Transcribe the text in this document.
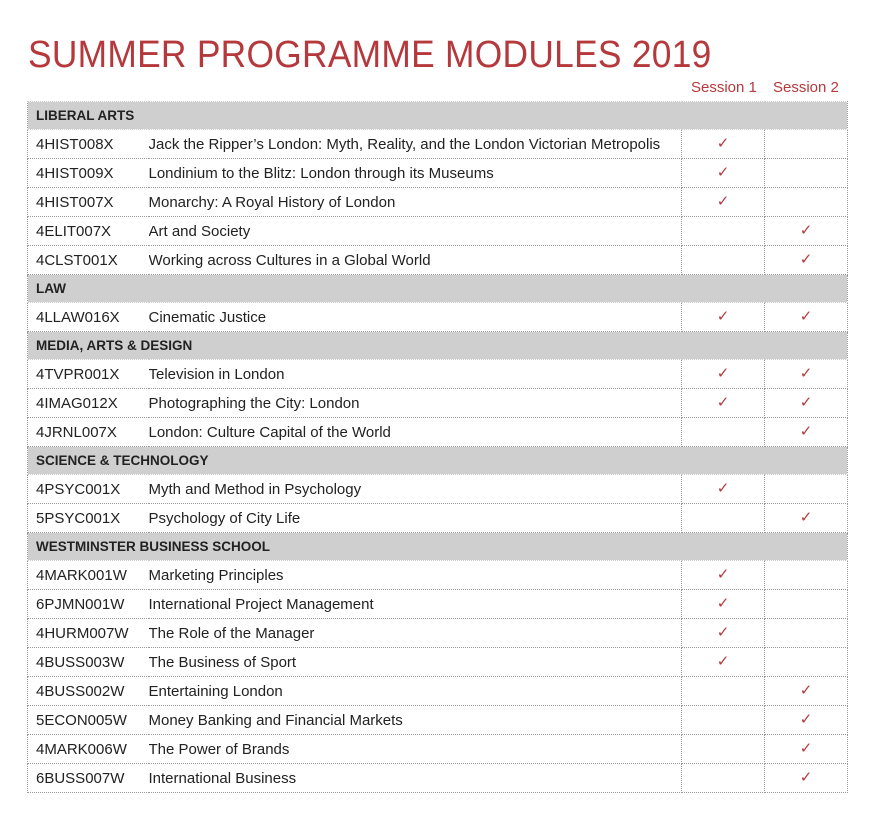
SUMMER PROGRAMME MODULES 2019
Session 1 Session 2
LIBERAL ARTS			
4HIST008X	Jack the Ripper’s London: Myth, Reality, and the London Victorian Metropolis	✓	
4HIST009X	Londinium to the Blitz: London through its Museums	✓	
4HIST007X	Monarchy: A Royal History of London	✓	
4ELIT007X	Art and Society		✓
4CLST001X	Working across Cultures in a Global World		✓
LAW			
4LLAW016X	Cinematic Justice	✓	✓
MEDIA, ARTS & DESIGN			
4TVPR001X	Television in London	✓	✓
4IMAG012X	Photographing the City: London	✓	✓
4JRNL007X	London: Culture Capital of the World		✓
SCIENCE & TECHNOLOGY			
4PSYC001X	Myth and Method in Psychology	✓	
5PSYC001X	Psychology of City Life		✓
WESTMINSTER BUSINESS SCHOOL			
4MARK001W	Marketing Principles	✓	
6PJMN001W	International Project Management	✓	
4HURM007W	The Role of the Manager	✓	
4BUSS003W	The Business of Sport	✓	
4BUSS002W	Entertaining London		✓
5ECON005W	Money Banking and Financial Markets		✓
4MARK006W	The Power of Brands		✓
6BUSS007W	International Business		✓
